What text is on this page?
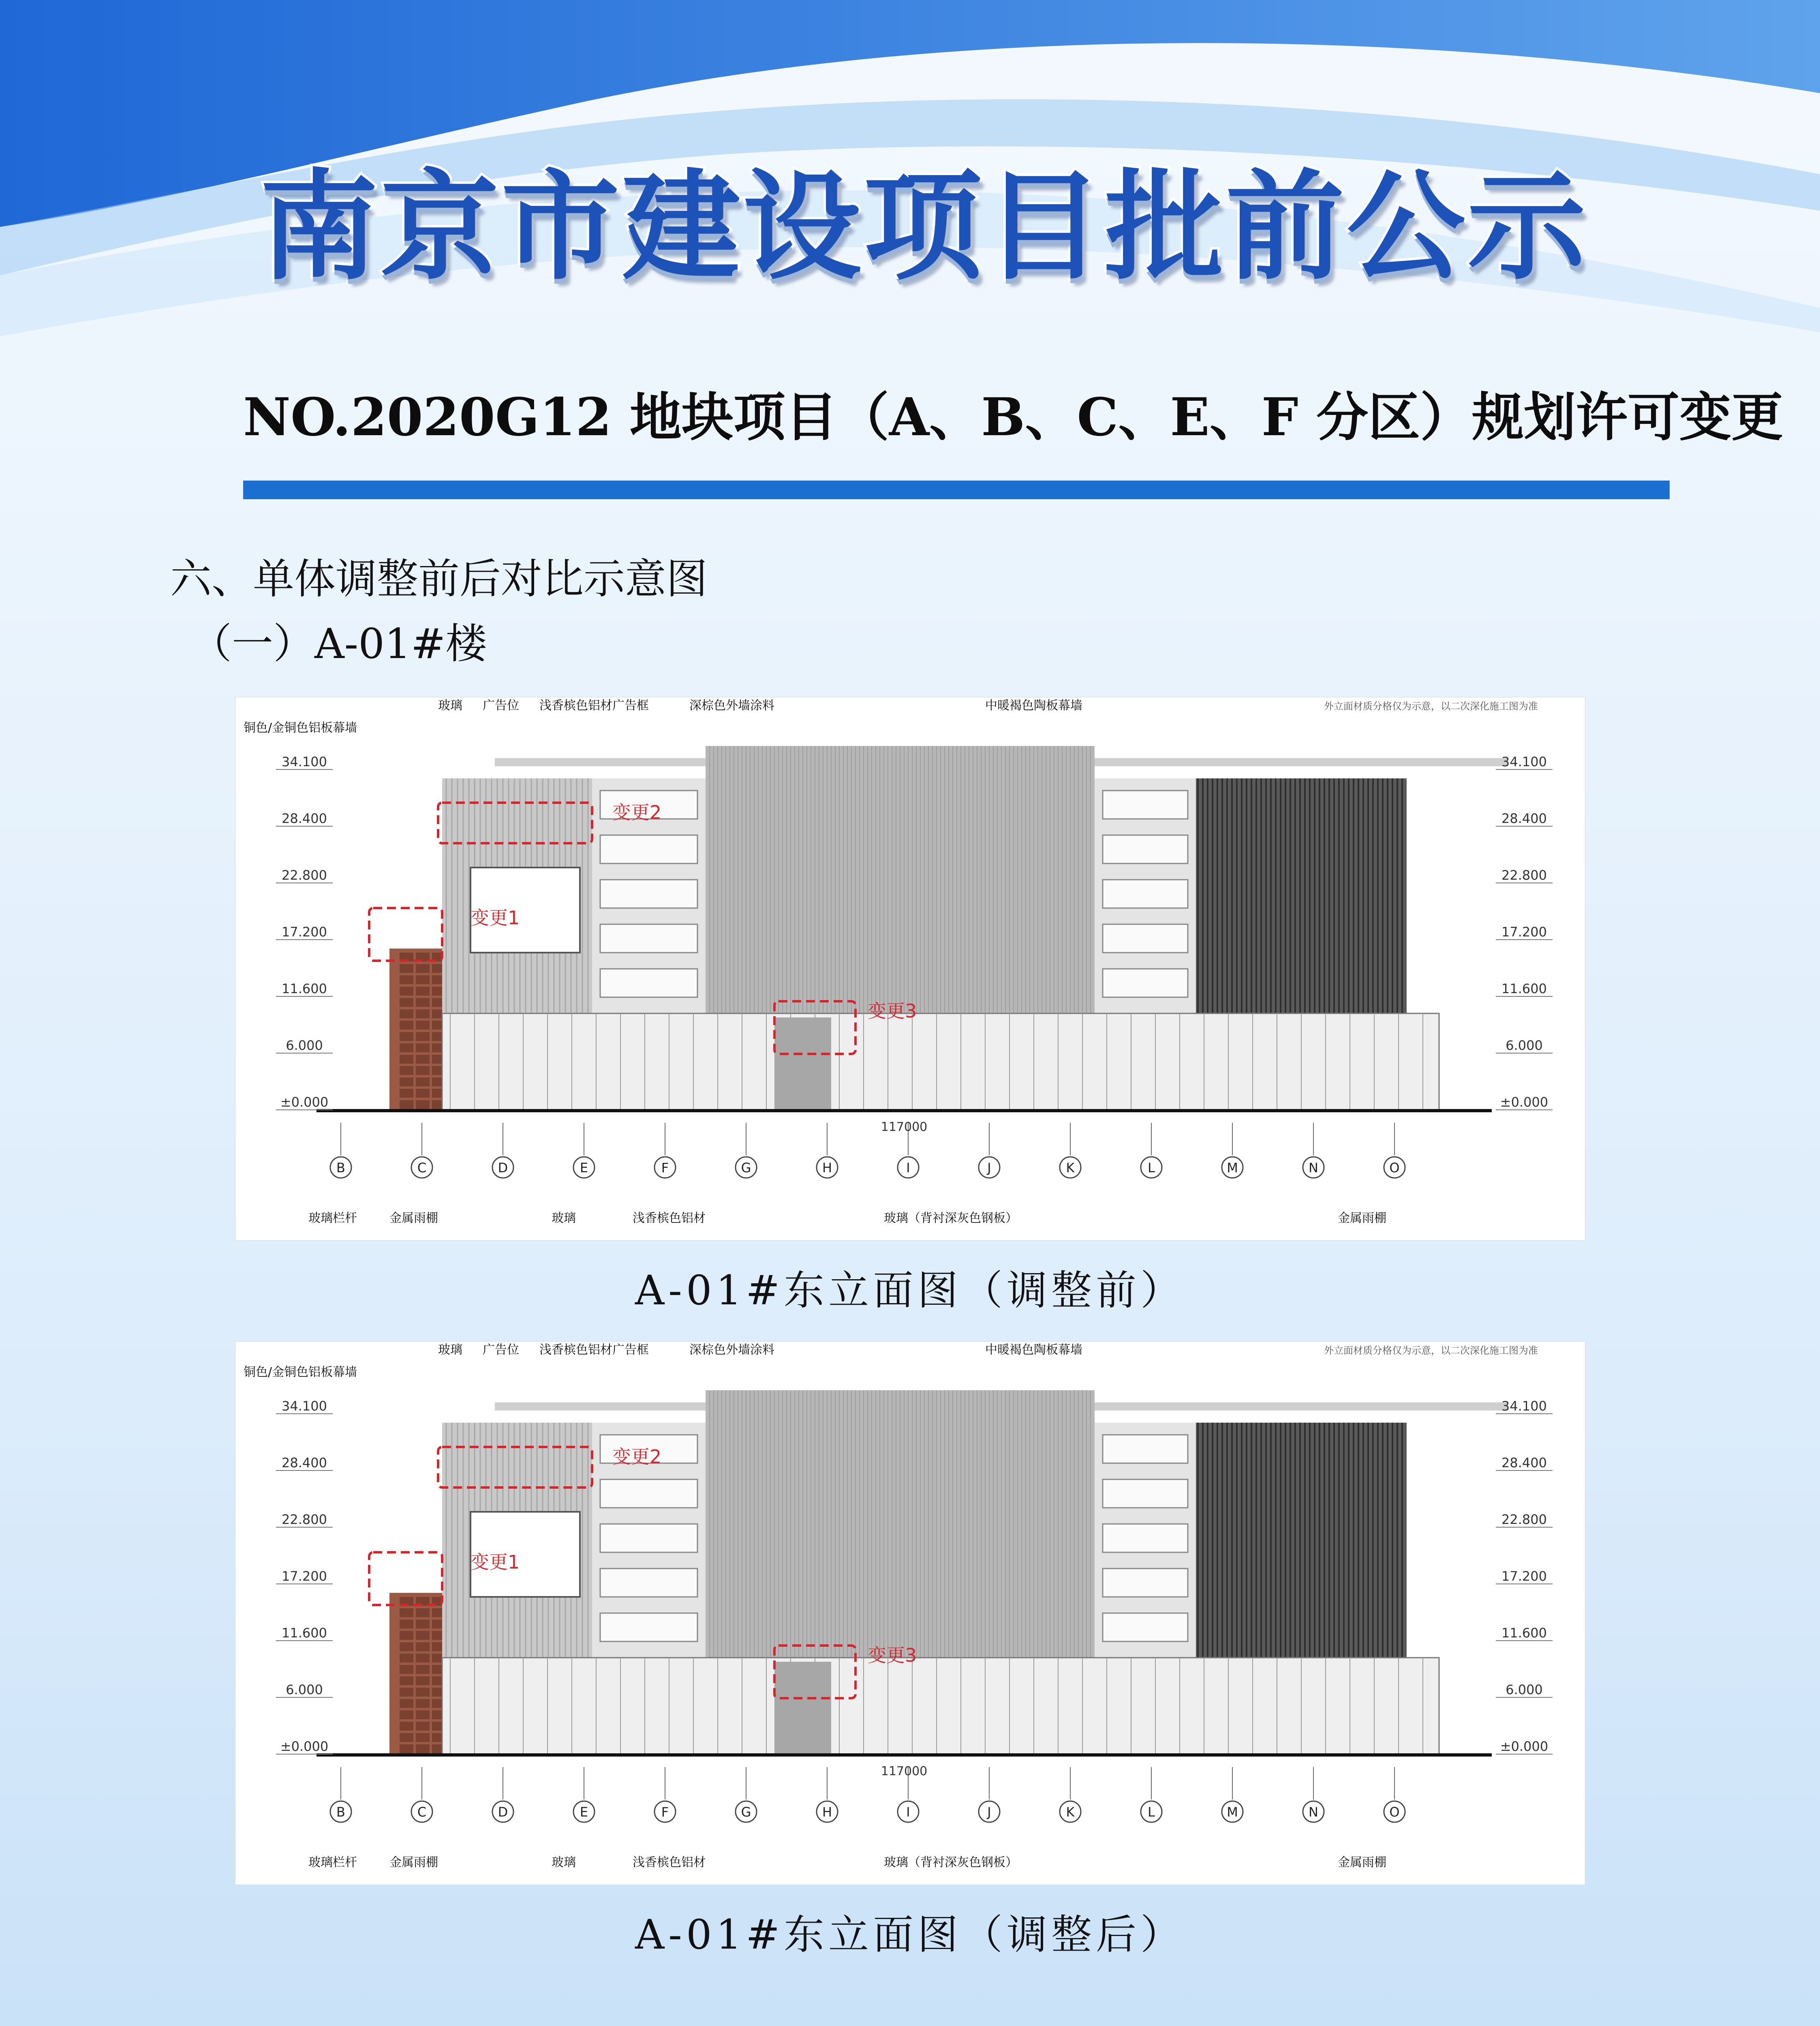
南京市建设项目批前公示
NO.2020G12 地块项目（A、B、C、E、F 分区）规划许可变更
六、单体调整前后对比示意图
（一）A-01#楼
B	C	D	E	F	G	H	I	J	K	L	M	N	O
117000
34.100	34.100
28.400	28.400
22.800	22.800
17.200	17.200
11.600	11.600
6.000	6.000
±0.000	±0.000
玻璃 广告位 浅香槟色铝材广告框	深棕色外墙涂料	中暖褐色陶板幕墙
铜色/金铜色铝板幕墙
外立面材质分格仅为示意，以二次深化施工图为准
玻璃栏杆	金属雨棚	玻璃	浅香槟色铝材	玻璃（背衬深灰色钢板）	金属雨棚
变更1
变更2
变更3
A-01#东立面图（调整前）
B	C	D	E	F	G	H	I	J	K	L	M	N	O
117000
34.100	34.100
28.400	28.400
22.800	22.800
17.200	17.200
11.600	11.600
6.000	6.000
±0.000	±0.000
玻璃 广告位 浅香槟色铝材广告框	深棕色外墙涂料	中暖褐色陶板幕墙
铜色/金铜色铝板幕墙
外立面材质分格仅为示意，以二次深化施工图为准
玻璃栏杆	金属雨棚	玻璃	浅香槟色铝材	玻璃（背衬深灰色钢板）	金属雨棚
变更1
变更2
变更3
A-01#东立面图（调整后）
